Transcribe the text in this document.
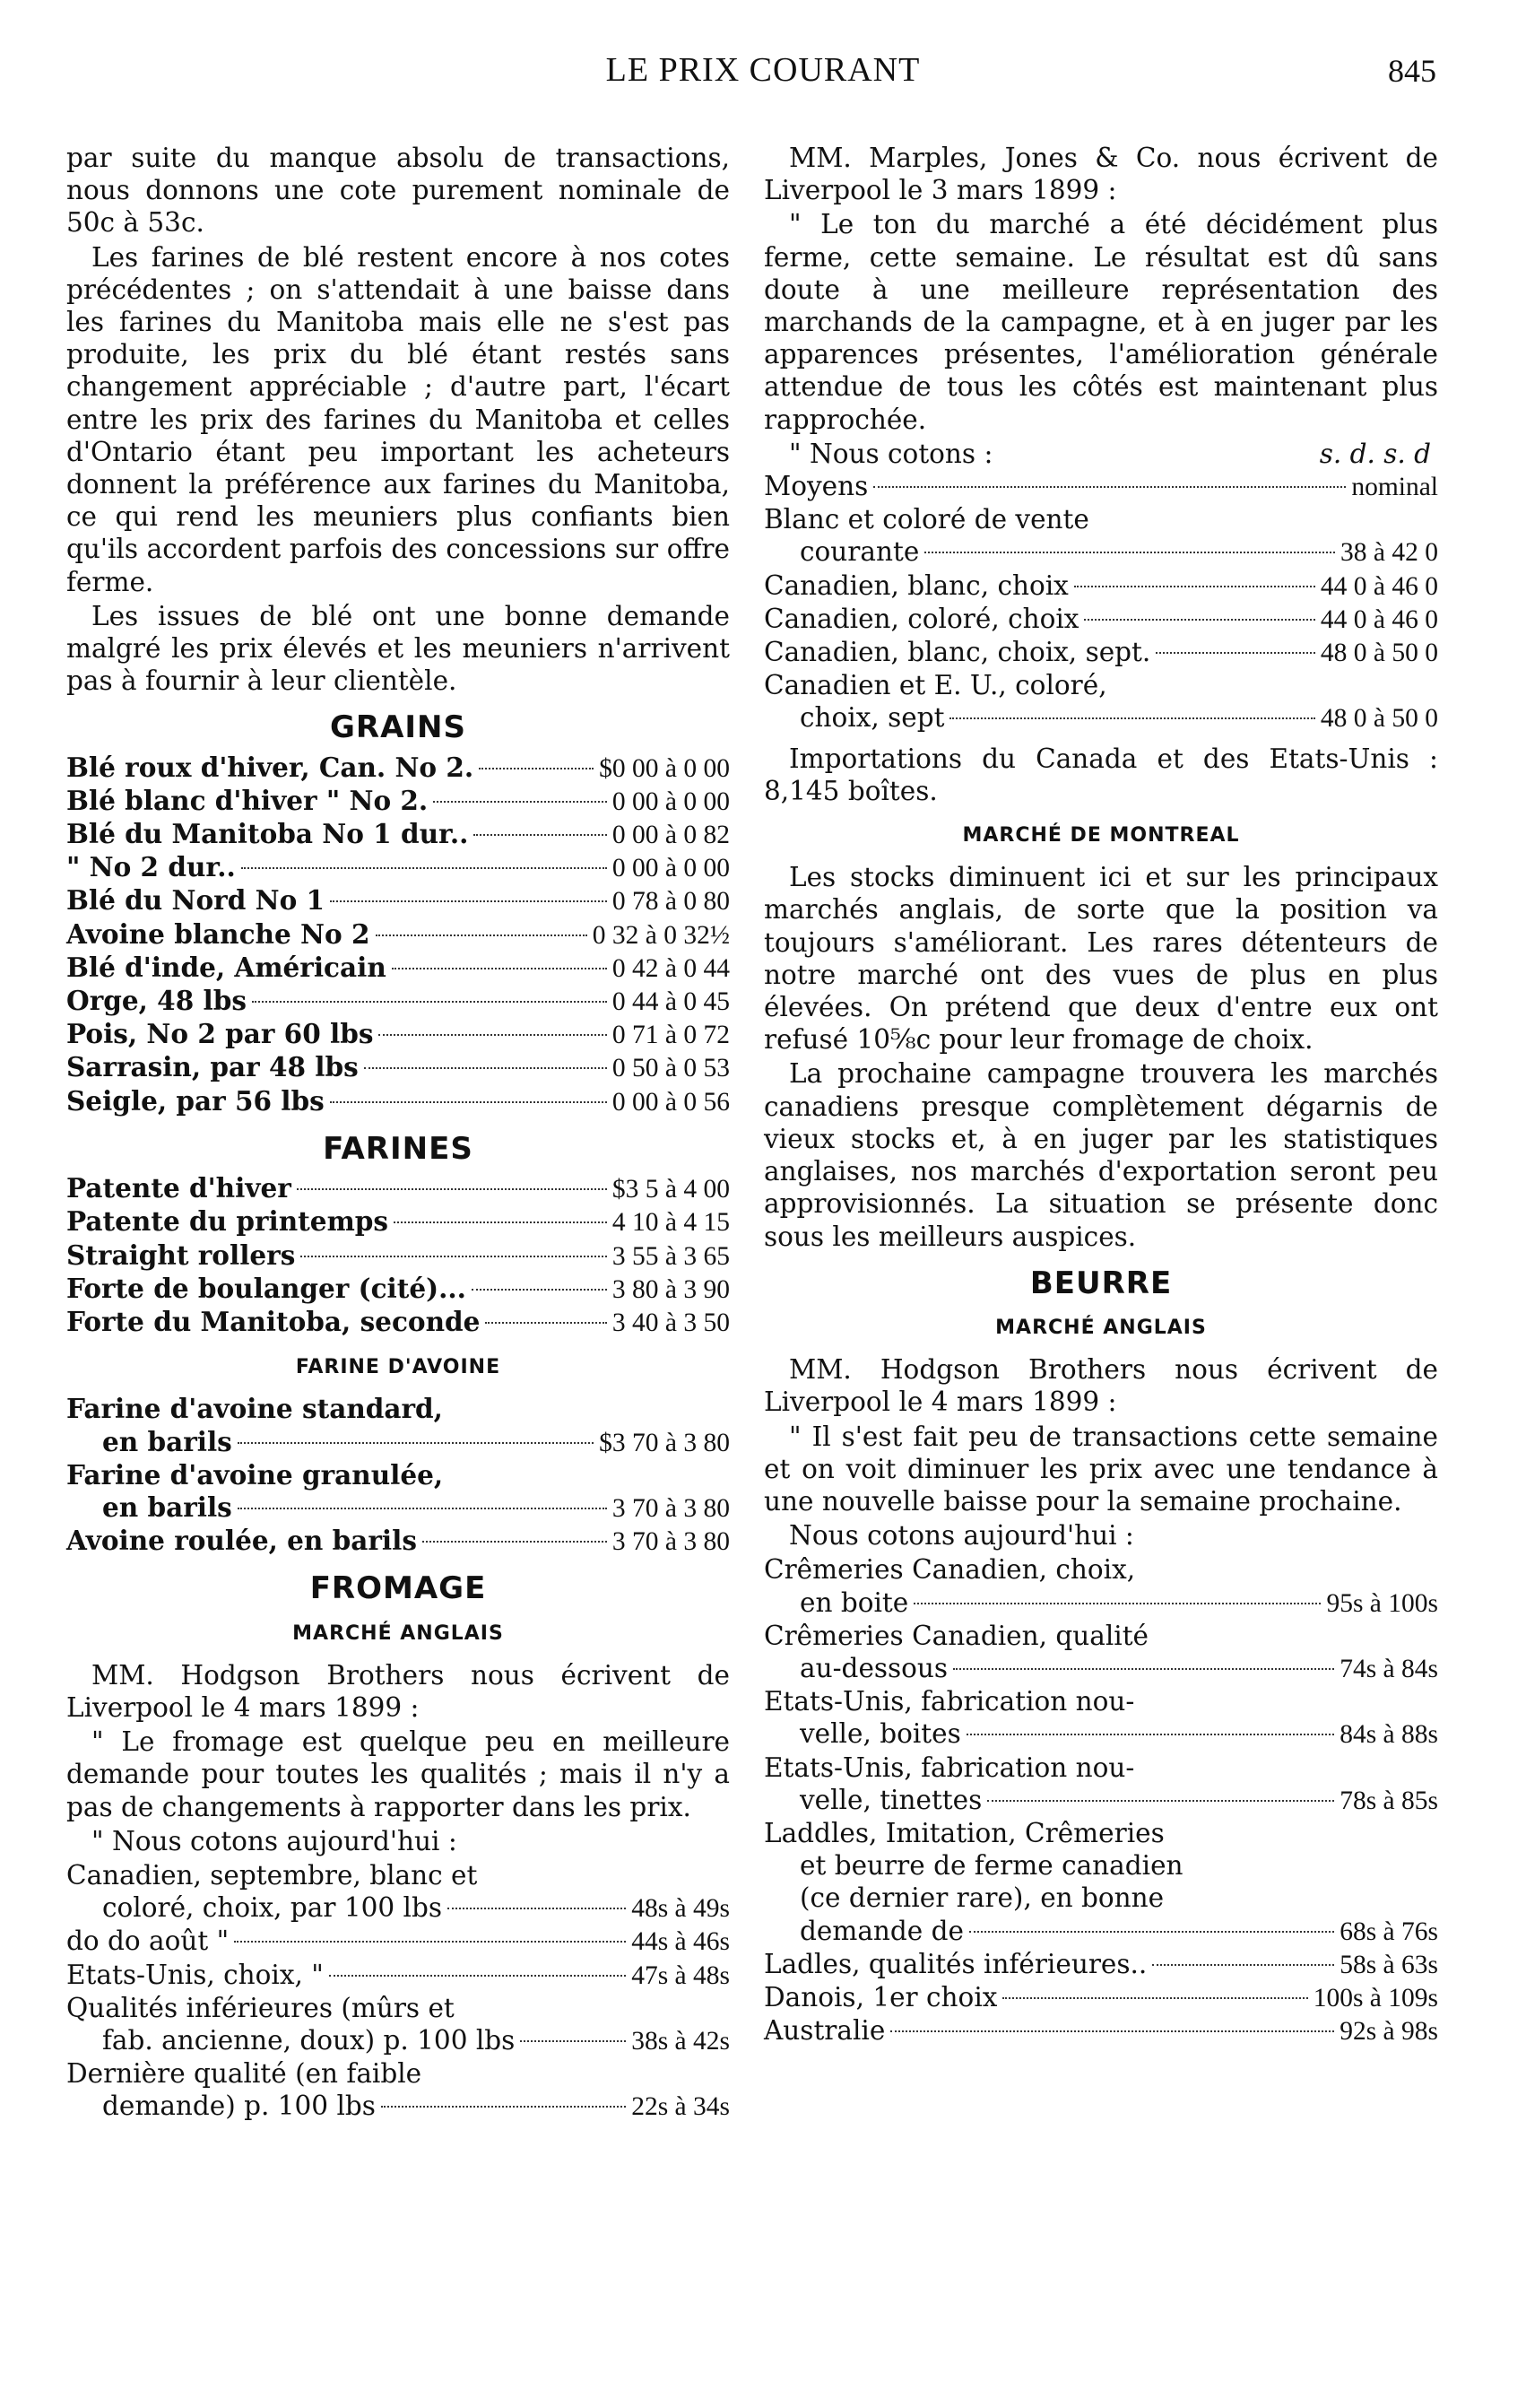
LE PRIX COURANT	845

par suite du manque absolu de transactions, nous donnons une cote purement nominale de 50c à 53c.

Les farines de blé restent encore à nos cotes précédentes ; on s'attendait à une baisse dans les farines du Manitoba mais elle ne s'est pas produite, les prix du blé étant restés sans changement appréciable ; d'autre part, l'écart entre les prix des farines du Manitoba et celles d'Ontario étant peu important les acheteurs donnent la préférence aux farines du Manitoba, ce qui rend les meuniers plus confiants bien qu'ils accordent parfois des concessions sur offre ferme.

Les issues de blé ont une bonne demande malgré les prix élevés et les meuniers n'arrivent pas à fournir à leur clientèle.

GRAINS
Blé roux d'hiver, Can. No 2.	$0 00 à 0 00
Blé blanc d'hiver " No 2.	0 00 à 0 00
Blé du Manitoba No 1 dur..	0 00 à 0 82
" No 2 dur..	0 00 à 0 00
Blé du Nord No 1	0 78 à 0 80
Avoine blanche No 2	0 32 à 0 32½
Blé d'inde, Américain	0 42 à 0 44
Orge, 48 lbs	0 44 à 0 45
Pois, No 2 par 60 lbs	0 71 à 0 72
Sarrasin, par 48 lbs	0 50 à 0 53
Seigle, par 56 lbs	0 00 à 0 56
FARINES
Patente d'hiver	$3 5 à 4 00
Patente du printemps	4 10 à 4 15
Straight rollers	3 55 à 3 65
Forte de boulanger (cité)...	3 80 à 3 90
Forte du Manitoba, seconde	3 40 à 3 50
FARINE D'AVOINE
Farine d'avoine standard,
en barils	$3 70 à 3 80
Farine d'avoine granulée,
en barils	3 70 à 3 80
Avoine roulée, en barils	3 70 à 3 80
FROMAGE
MARCHÉ ANGLAIS

MM. Hodgson Brothers nous écrivent de Liverpool le 4 mars 1899 :

" Le fromage est quelque peu en meilleure demande pour toutes les qualités ; mais il n'y a pas de changements à rapporter dans les prix.

" Nous cotons aujourd'hui :

Canadien, septembre, blanc et
coloré, choix, par 100 lbs	48s à 49s
do do août "	44s à 46s
Etats-Unis, choix, "	47s à 48s
Qualités inférieures (mûrs et
fab. ancienne, doux) p. 100 lbs	38s à 42s
Dernière qualité (en faible
demande) p. 100 lbs	22s à 34s

MM. Marples, Jones & Co. nous écrivent de Liverpool le 3 mars 1899 :

" Le ton du marché a été décidément plus ferme, cette semaine. Le résultat est dû sans doute à une meilleure représentation des marchands de la campagne, et à en juger par les apparences présentes, l'amélioration générale attendue de tous les côtés est maintenant plus rapprochée.

" Nous cotons :	s. d. s. d
Moyens	nominal
Blanc et coloré de vente
courante	38 à 42 0
Canadien, blanc, choix	44 0 à 46 0
Canadien, coloré, choix	44 0 à 46 0
Canadien, blanc, choix, sept.	48 0 à 50 0
Canadien et E. U., coloré,
choix, sept	48 0 à 50 0

Importations du Canada et des Etats-Unis : 8,145 boîtes.

MARCHÉ DE MONTREAL

Les stocks diminuent ici et sur les principaux marchés anglais, de sorte que la position va toujours s'améliorant. Les rares détenteurs de notre marché ont des vues de plus en plus élevées. On prétend que deux d'entre eux ont refusé 10⅝c pour leur fromage de choix.

La prochaine campagne trouvera les marchés canadiens presque complètement dégarnis de vieux stocks et, à en juger par les statistiques anglaises, nos marchés d'exportation seront peu approvisionnés. La situation se présente donc sous les meilleurs auspices.

BEURRE
MARCHÉ ANGLAIS

MM. Hodgson Brothers nous écrivent de Liverpool le 4 mars 1899 :

" Il s'est fait peu de transactions cette semaine et on voit diminuer les prix avec une tendance à une nouvelle baisse pour la semaine prochaine.

Nous cotons aujourd'hui :

Crêmeries Canadien, choix,
en boite	95s à 100s
Crêmeries Canadien, qualité
au-dessous	74s à 84s
Etats-Unis, fabrication nou-
velle, boites	84s à 88s
Etats-Unis, fabrication nou-
velle, tinettes	78s à 85s
Laddles, Imitation, Crêmeries
et beurre de ferme canadien
(ce dernier rare), en bonne
demande de	68s à 76s
Ladles, qualités inférieures..	58s à 63s
Danois, 1er choix	100s à 109s
Australie	92s à 98s
